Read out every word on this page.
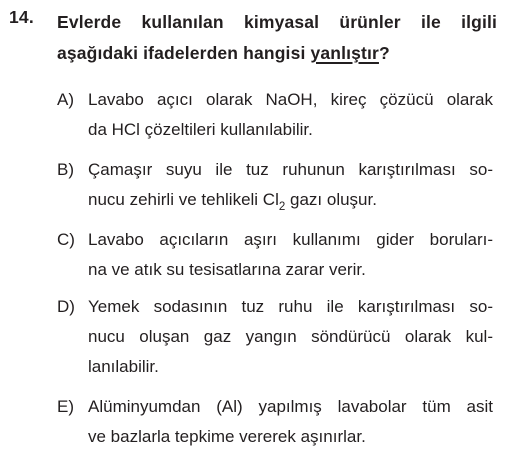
14. Evlerde kullanılan kimyasal ürünler ile ilgili
aşağıdaki ifadelerden hangisi yanlıştır?
A) Lavabo açıcı olarak NaOH, kireç çözücü olarak
da HCl çözeltileri kullanılabilir.
B) Çamaşır suyu ile tuz ruhunun karıştırılması so-
nucu zehirli ve tehlikeli $Cl_2$ gazı oluşur.
C) Lavabo açıcıların aşırı kullanımı gider boruları-
na ve atık su tesisatlarına zarar verir.
D) Yemek sodasının tuz ruhu ile karıştırılması so-
nucu oluşan gaz yangın söndürücü olarak kul-
lanılabilir.
E) Alüminyumdan (Al) yapılmış lavabolar tüm asit
ve bazlarla tepkime vererek aşınırlar.
